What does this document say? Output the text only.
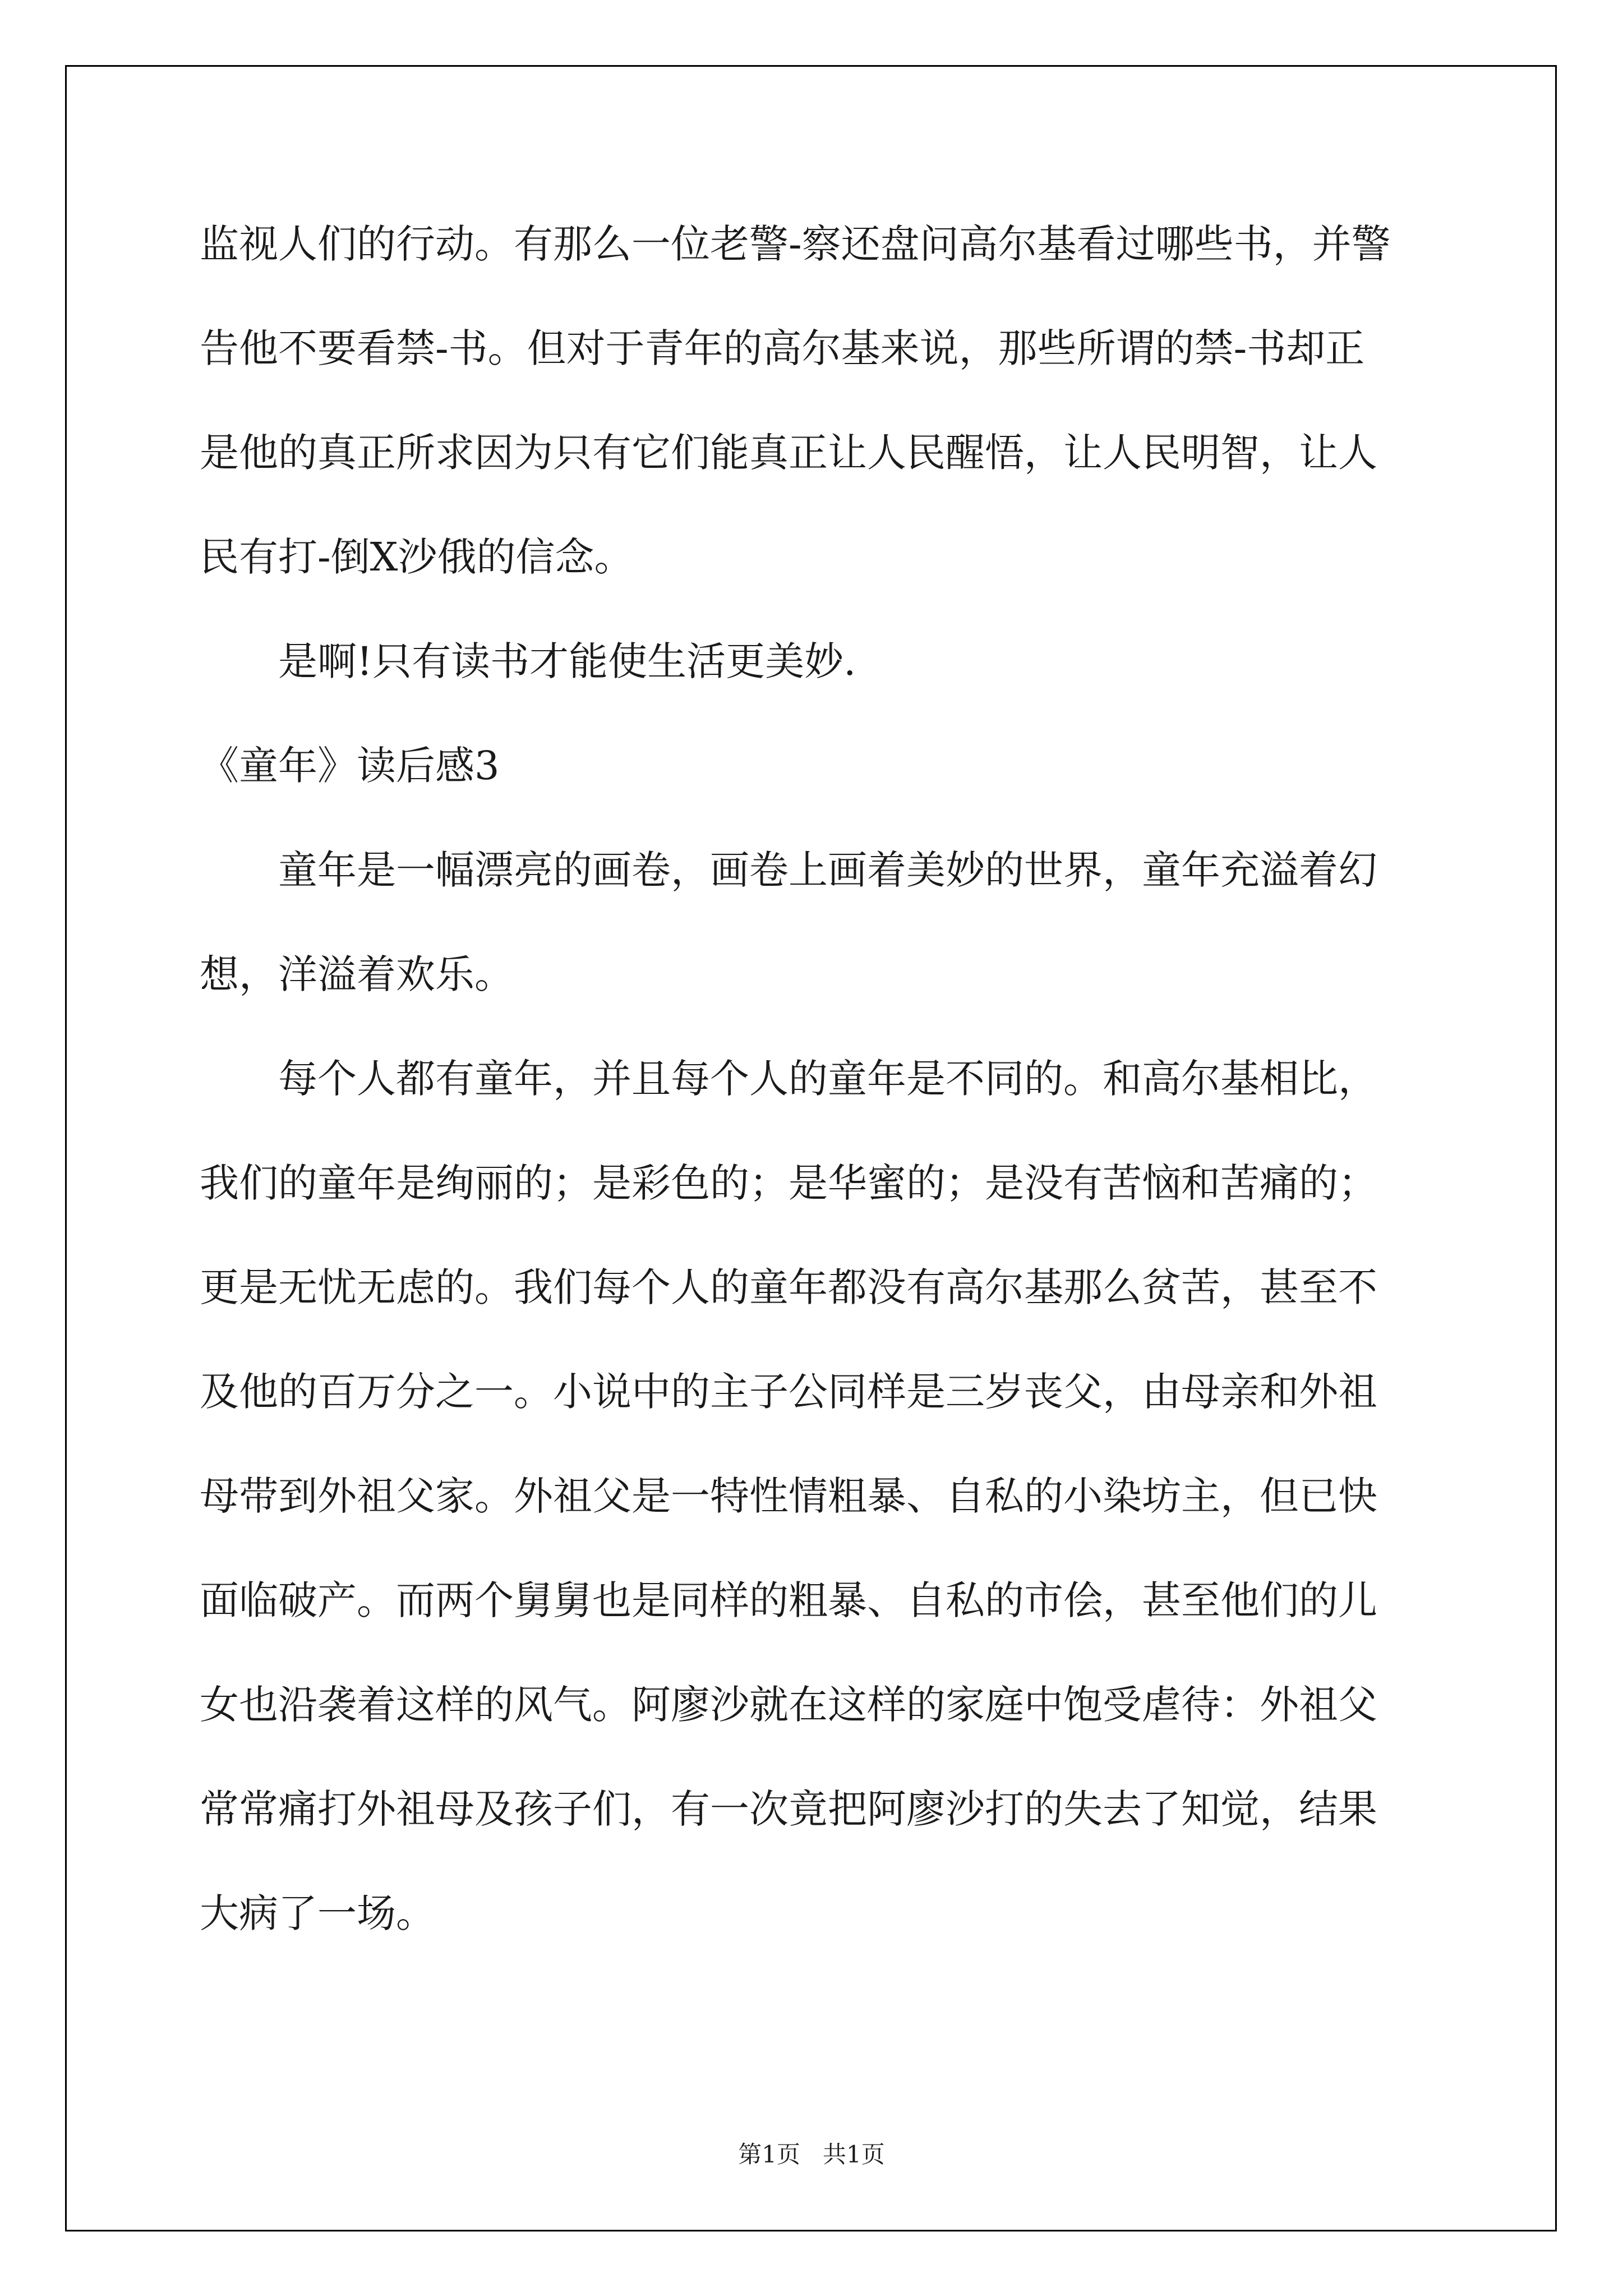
监视人们的行动。有那么一位老警-察还盘问高尔基看过哪些书，并警

告他不要看禁-书。但对于青年的高尔基来说，那些所谓的禁-书却正

是他的真正所求因为只有它们能真正让人民醒悟，让人民明智，让人

民有打-倒X沙俄的信念。

是啊!只有读书才能使生活更美妙.

《童年》读后感3

童年是一幅漂亮的画卷，画卷上画着美妙的世界，童年充溢着幻

想，洋溢着欢乐。

每个人都有童年，并且每个人的童年是不同的。和高尔基相比，

我们的童年是绚丽的；是彩色的；是华蜜的；是没有苦恼和苦痛的；

更是无忧无虑的。我们每个人的童年都没有高尔基那么贫苦，甚至不

及他的百万分之一。小说中的主子公同样是三岁丧父，由母亲和外祖

母带到外祖父家。外祖父是一特性情粗暴、自私的小染坊主，但已快

面临破产。而两个舅舅也是同样的粗暴、自私的市侩，甚至他们的儿

女也沿袭着这样的风气。阿廖沙就在这样的家庭中饱受虐待：外祖父

常常痛打外祖母及孩子们，有一次竟把阿廖沙打的失去了知觉，结果

大病了一场。

第1页   共1页
